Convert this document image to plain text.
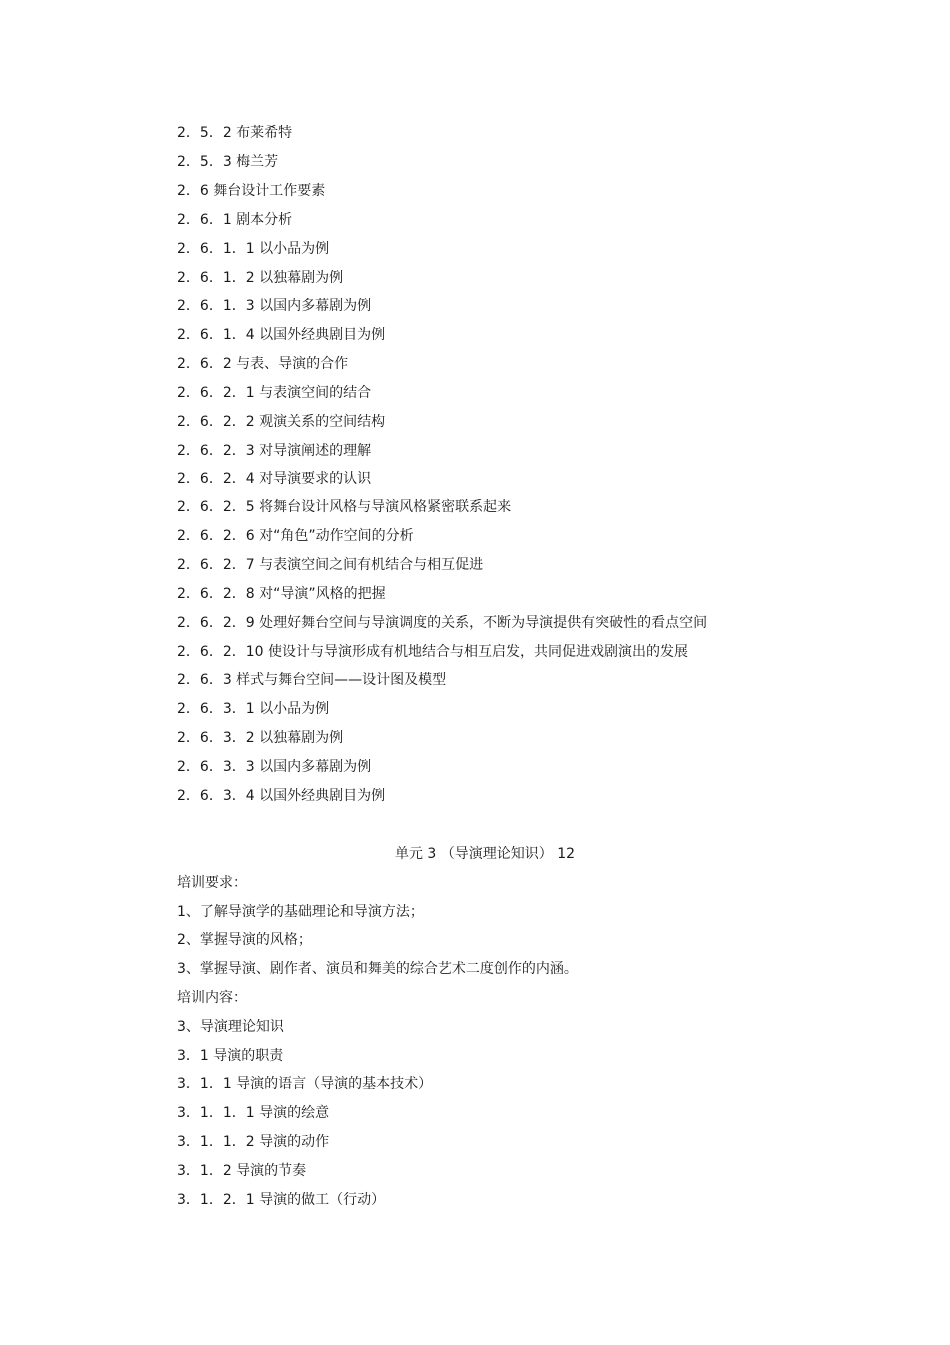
2．5．2 布莱希特
2．5．3 梅兰芳
2．6 舞台设计工作要素
2．6．1 剧本分析
2．6．1．1 以小品为例
2．6．1．2 以独幕剧为例
2．6．1．3 以国内多幕剧为例
2．6．1．4 以国外经典剧目为例
2．6．2 与表、导演的合作
2．6．2．1 与表演空间的结合
2．6．2．2 观演关系的空间结构
2．6．2．3 对导演阐述的理解
2．6．2．4 对导演要求的认识
2．6．2．5 将舞台设计风格与导演风格紧密联系起来
2．6．2．6 对“角色”动作空间的分析
2．6．2．7 与表演空间之间有机结合与相互促进
2．6．2．8 对“导演”风格的把握
2．6．2．9 处理好舞台空间与导演调度的关系，不断为导演提供有突破性的看点空间
2．6．2．10 使设计与导演形成有机地结合与相互启发，共同促进戏剧演出的发展
2．6．3 样式与舞台空间——设计图及模型
2．6．3．1 以小品为例
2．6．3．2 以独幕剧为例
2．6．3．3 以国内多幕剧为例
2．6．3．4 以国外经典剧目为例
单元 3 （导演理论知识） 12
培训要求：
1、了解导演学的基础理论和导演方法；
2、掌握导演的风格；
3、掌握导演、剧作者、演员和舞美的综合艺术二度创作的内涵。
培训内容：
3、导演理论知识
3．1 导演的职责
3．1．1 导演的语言（导演的基本技术）
3．1．1．1 导演的绘意
3．1．1．2 导演的动作
3．1．2 导演的节奏
3．1．2．1 导演的做工（行动）
